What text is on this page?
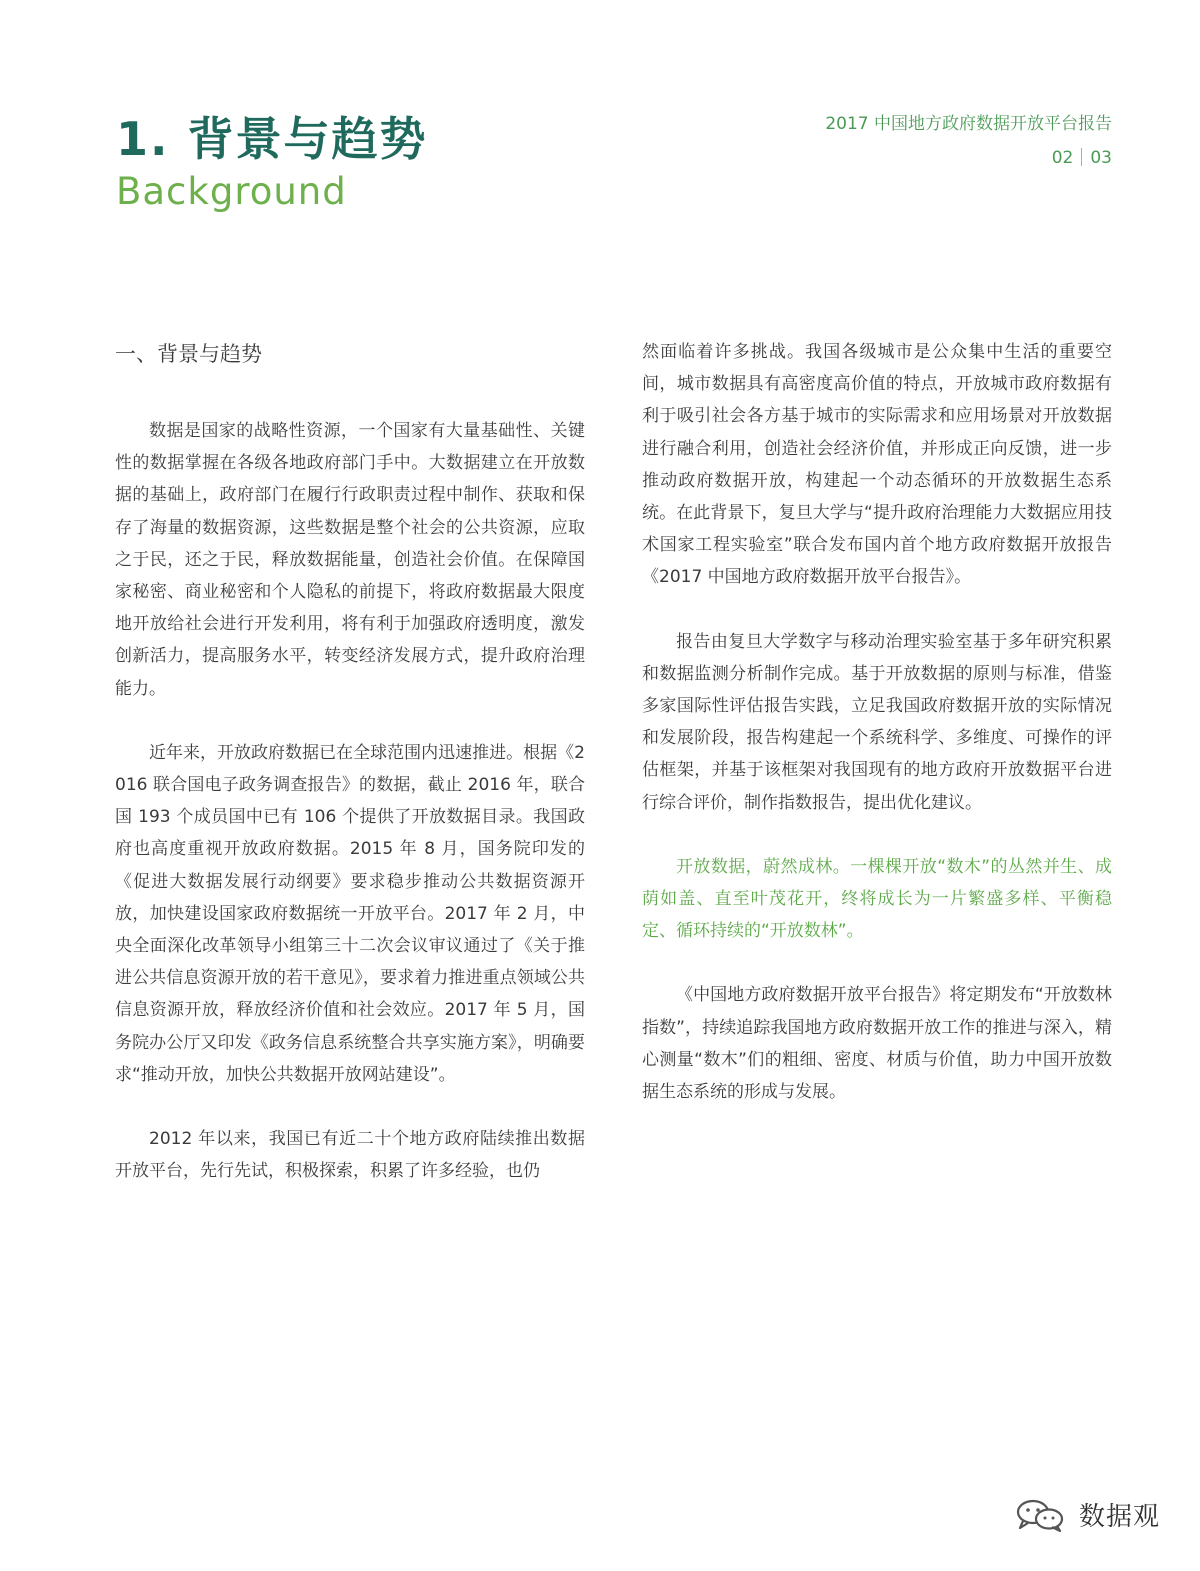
1. 背景与趋势
Background
2017 中国地方政府数据开放平台报告
02 03
一、背景与趋势

数据是国家的战略性资源，一个国家有大量基础性、关键性的数据掌握在各级各地政府部门手中。大数据建立在开放数据的基础上，政府部门在履行行政职责过程中制作、获取和保存了海量的数据资源，这些数据是整个社会的公共资源，应取之于民，还之于民，释放数据能量，创造社会价值。在保障国家秘密、商业秘密和个人隐私的前提下，将政府数据最大限度地开放给社会进行开发利用，将有利于加强政府透明度，激发创新活力，提高服务水平，转变经济发展方式，提升政府治理能力。

近年来，开放政府数据已在全球范围内迅速推进。根据《2016 联合国电子政务调查报告》的数据，截止 2016 年，联合国 193 个成员国中已有 106 个提供了开放数据目录。我国政府也高度重视开放政府数据。2015 年 8 月，国务院印发的《促进大数据发展行动纲要》要求稳步推动公共数据资源开放，加快建设国家政府数据统一开放平台。2017 年 2 月，中央全面深化改革领导小组第三十二次会议审议通过了《关于推进公共信息资源开放的若干意见》，要求着力推进重点领域公共信息资源开放，释放经济价值和社会效应。2017 年 5 月，国务院办公厅又印发《政务信息系统整合共享实施方案》，明确要求“推动开放，加快公共数据开放网站建设”。

2012 年以来，我国已有近二十个地方政府陆续推出数据开放平台，先行先试，积极探索，积累了许多经验，也仍

然面临着许多挑战。我国各级城市是公众集中生活的重要空间，城市数据具有高密度高价值的特点，开放城市政府数据有利于吸引社会各方基于城市的实际需求和应用场景对开放数据进行融合利用，创造社会经济价值，并形成正向反馈，进一步推动政府数据开放，构建起一个动态循环的开放数据生态系统。在此背景下，复旦大学与“提升政府治理能力大数据应用技术国家工程实验室”联合发布国内首个地方政府数据开放报告《2017 中国地方政府数据开放平台报告》。

报告由复旦大学数字与移动治理实验室基于多年研究积累和数据监测分析制作完成。基于开放数据的原则与标准，借鉴多家国际性评估报告实践，立足我国政府数据开放的实际情况和发展阶段，报告构建起一个系统科学、多维度、可操作的评估框架，并基于该框架对我国现有的地方政府开放数据平台进行综合评价，制作指数报告，提出优化建议。

开放数据，蔚然成林。一棵棵开放“数木”的丛然并生、成荫如盖、直至叶茂花开，终将成长为一片繁盛多样、平衡稳定、循环持续的“开放数林”。

《中国地方政府数据开放平台报告》将定期发布“开放数林指数”，持续追踪我国地方政府数据开放工作的推进与深入，精心测量“数木”们的粗细、密度、材质与价值，助力中国开放数据生态系统的形成与发展。

数据观
